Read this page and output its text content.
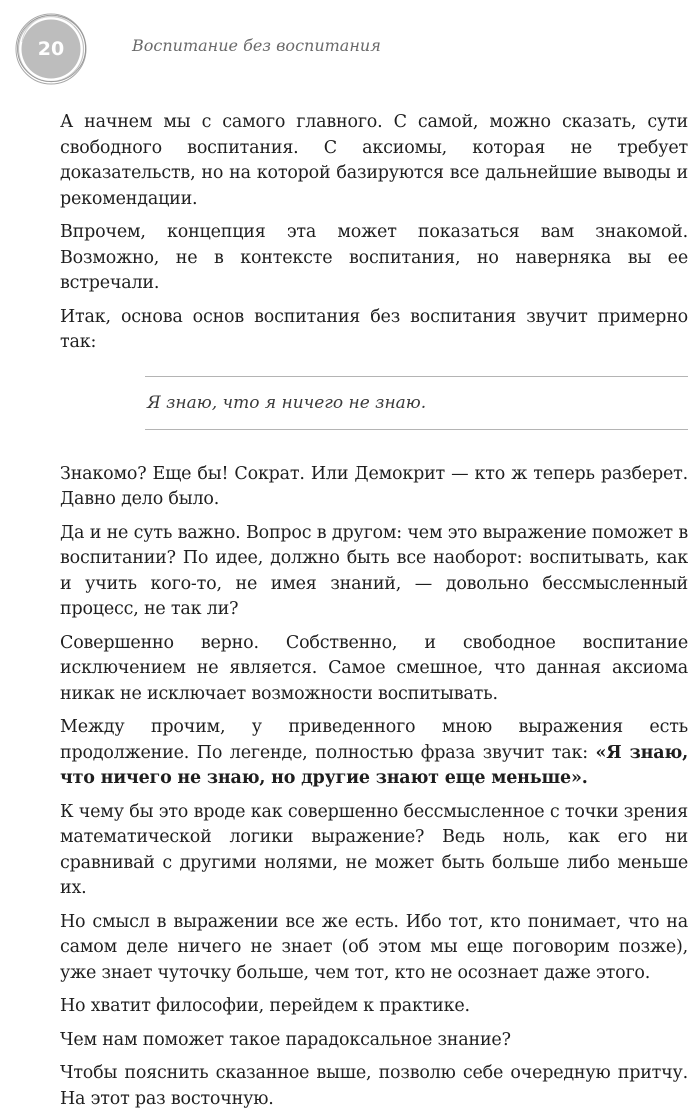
20	Воспитание без воспитания

А начнем мы с самого главного. С самой, можно сказать, сути свободного воспитания. С аксиомы, которая не требует доказательств, но на которой базируются все дальнейшие выводы и рекомендации.

Впрочем, концепция эта может показаться вам знакомой. Возможно, не в контексте воспитания, но наверняка вы ее встречали.

Итак, основа основ воспитания без воспитания звучит примерно так:

Я знаю, что я ничего не знаю.

Знакомо? Еще бы! Сократ. Или Демокрит — кто ж теперь разберет. Давно дело было.

Да и не суть важно. Вопрос в другом: чем это выражение поможет в воспитании? По идее, должно быть все наоборот: воспитывать, как и учить кого-то, не имея знаний, — довольно бессмысленный процесс, не так ли?

Совершенно верно. Собственно, и свободное воспитание исключением не является. Самое смешное, что данная аксиома никак не исключает возможности воспитывать.

Между прочим, у приведенного мною выражения есть продолжение. По легенде, полностью фраза звучит так: «Я знаю, что ничего не знаю, но другие знают еще меньше».

К чему бы это вроде как совершенно бессмысленное с точки зрения математической логики выражение? Ведь ноль, как его ни сравнивай с другими нолями, не может быть больше либо меньше их.

Но смысл в выражении все же есть. Ибо тот, кто понимает, что на самом деле ничего не знает (об этом мы еще поговорим позже), уже знает чуточку больше, чем тот, кто не осознает даже этого.

Но хватит философии, перейдем к практике.

Чем нам поможет такое парадоксальное знание?

Чтобы пояснить сказанное выше, позволю себе очередную притчу. На этот раз восточную.
